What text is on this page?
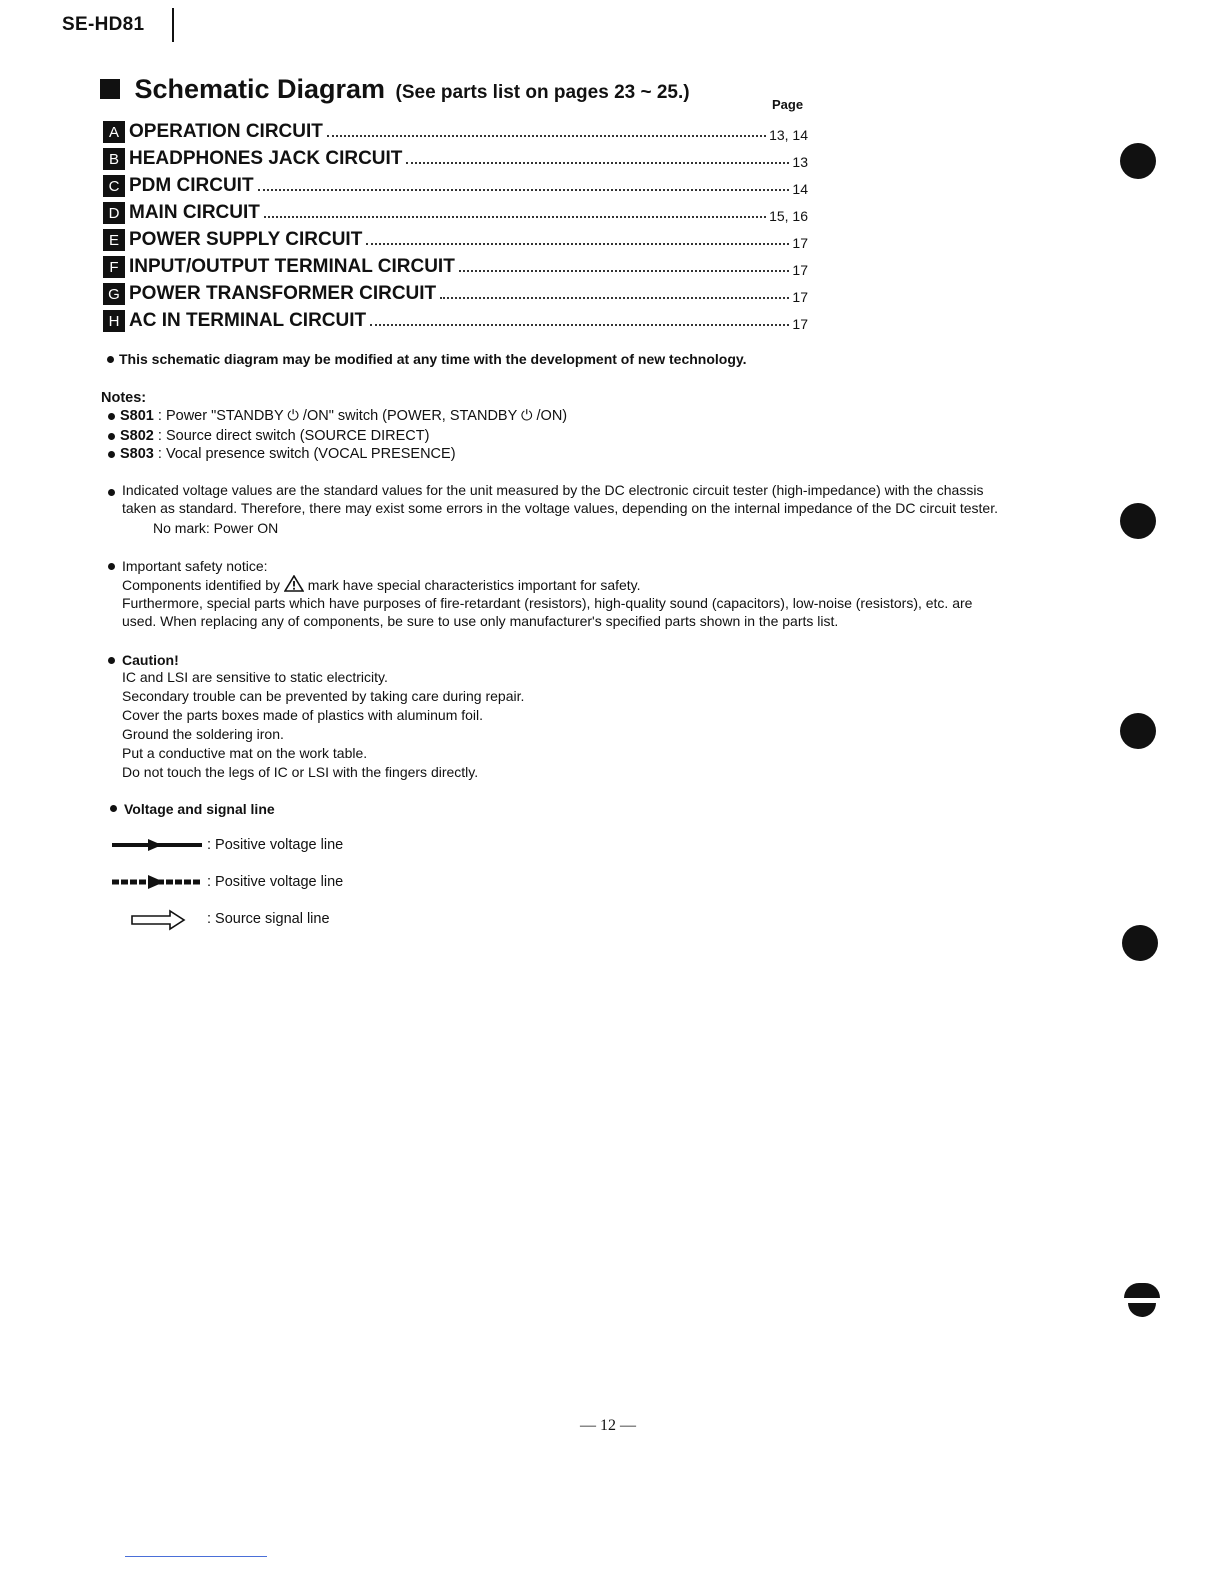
SE-HD81
Schematic Diagram (See parts list on pages 23 ~ 25.)
Page
A OPERATION CIRCUIT	13, 14
B HEADPHONES JACK CIRCUIT	13
C PDM CIRCUIT	14
D MAIN CIRCUIT	15, 16
E POWER SUPPLY CIRCUIT	17
F INPUT/OUTPUT TERMINAL CIRCUIT	17
G POWER TRANSFORMER CIRCUIT	17
H AC IN TERMINAL CIRCUIT	17
This schematic diagram may be modified at any time with the development of new technology.
Notes:
S801 : Power "STANDBY ⏻ /ON" switch (POWER, STANDBY ⏻ /ON)
S802 : Source direct switch (SOURCE DIRECT)
S803 : Vocal presence switch (VOCAL PRESENCE)
Indicated voltage values are the standard values for the unit measured by the DC electronic circuit tester (high-impedance) with the chassis
taken as standard. Therefore, there may exist some errors in the voltage values, depending on the internal impedance of the DC circuit tester.
No mark: Power ON
Important safety notice:
Components identified by mark have special characteristics important for safety.
Furthermore, special parts which have purposes of fire-retardant (resistors), high-quality sound (capacitors), low-noise (resistors), etc. are
used. When replacing any of components, be sure to use only manufacturer's specified parts shown in the parts list.
Caution!
IC and LSI are sensitive to static electricity.
Secondary trouble can be prevented by taking care during repair.
Cover the parts boxes made of plastics with aluminum foil.
Ground the soldering iron.
Put a conductive mat on the work table.
Do not touch the legs of IC or LSI with the fingers directly.
Voltage and signal line
: Positive voltage line
: Positive voltage line
: Source signal line
— 12 —
